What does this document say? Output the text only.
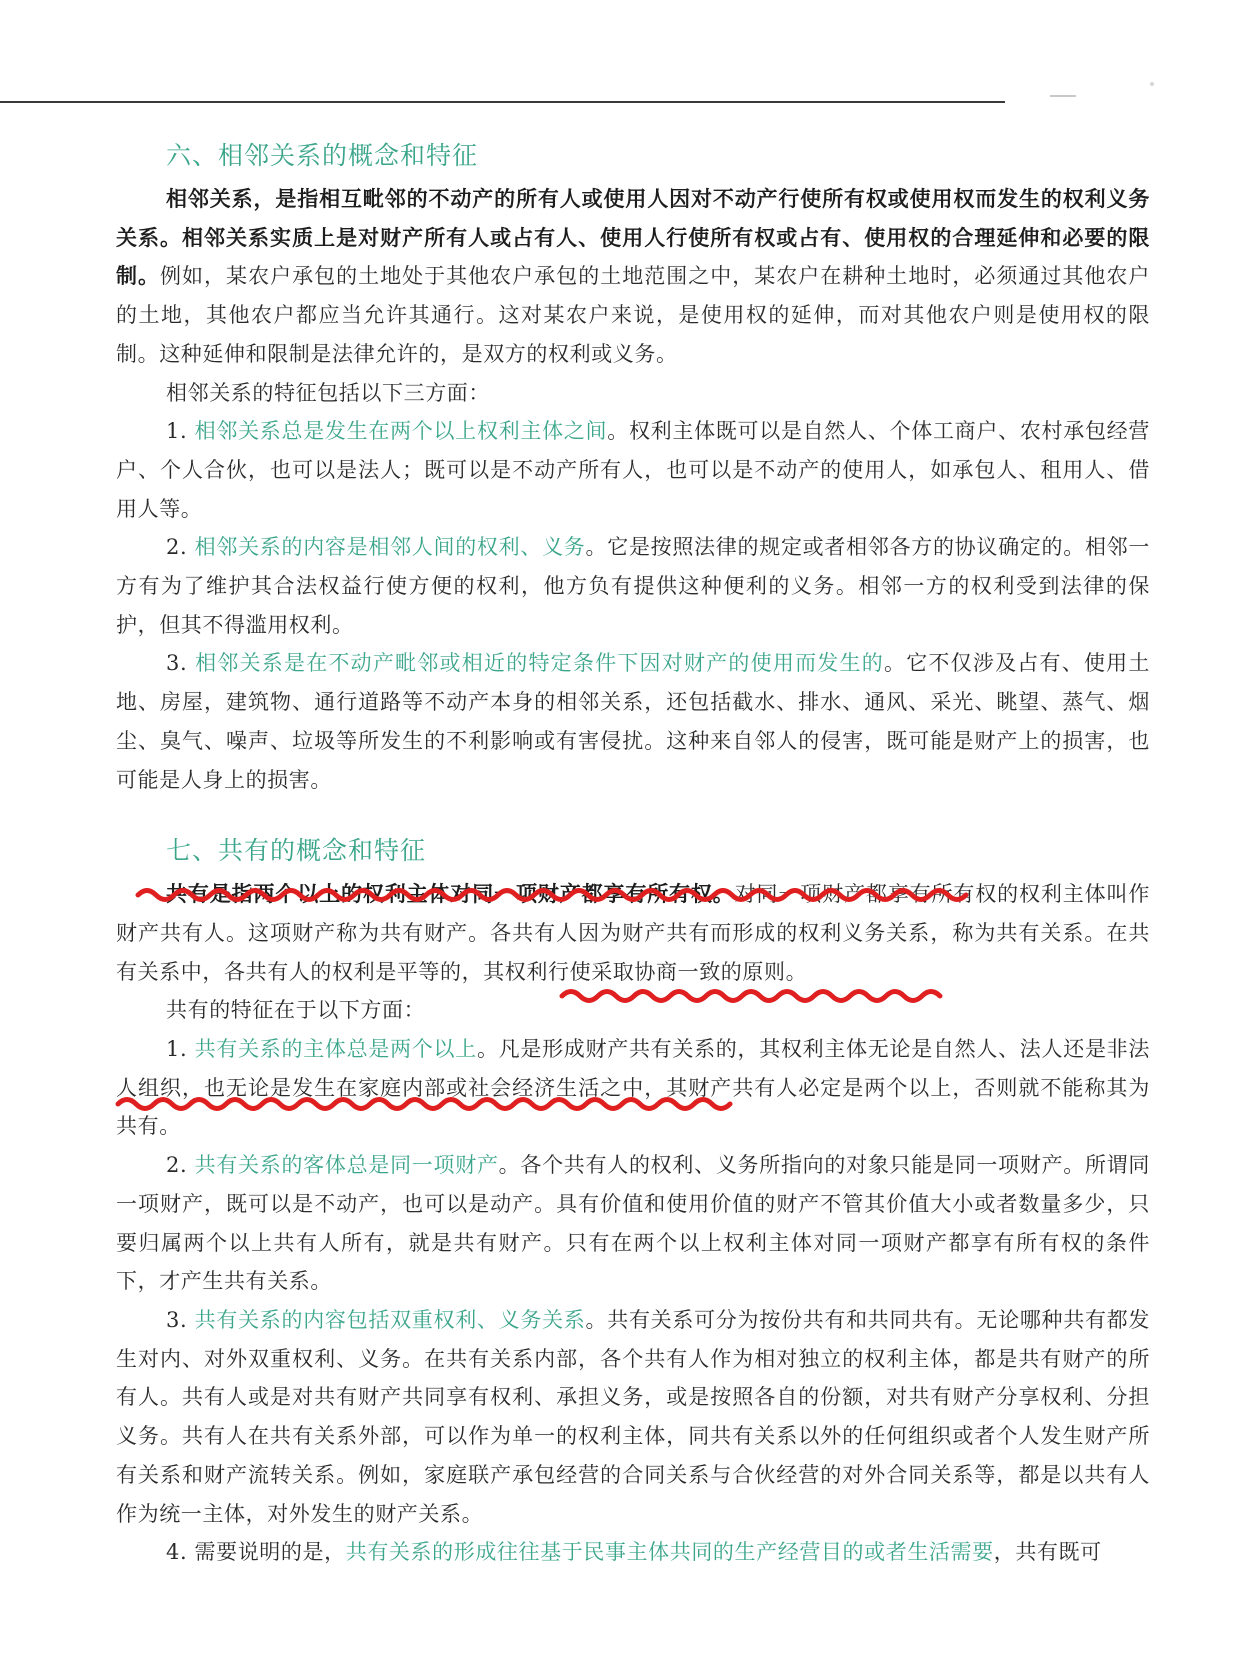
六、相邻关系的概念和特征

相邻关系，是指相互毗邻的不动产的所有人或使用人因对不动产行使所有权或使用权而发生的权利义务关系。相邻关系实质上是对财产所有人或占有人、使用人行使所有权或占有、使用权的合理延伸和必要的限制。例如，某农户承包的土地处于其他农户承包的土地范围之中，某农户在耕种土地时，必须通过其他农户的土地，其他农户都应当允许其通行。这对某农户来说，是使用权的延伸，而对其他农户则是使用权的限制。这种延伸和限制是法律允许的，是双方的权利或义务。

相邻关系的特征包括以下三方面：

1. 相邻关系总是发生在两个以上权利主体之间。权利主体既可以是自然人、个体工商户、农村承包经营户、个人合伙，也可以是法人；既可以是不动产所有人，也可以是不动产的使用人，如承包人、租用人、借用人等。

2. 相邻关系的内容是相邻人间的权利、义务。它是按照法律的规定或者相邻各方的协议确定的。相邻一方有为了维护其合法权益行使方便的权利，他方负有提供这种便利的义务。相邻一方的权利受到法律的保护，但其不得滥用权利。

3. 相邻关系是在不动产毗邻或相近的特定条件下因对财产的使用而发生的。它不仅涉及占有、使用土地、房屋，建筑物、通行道路等不动产本身的相邻关系，还包括截水、排水、通风、采光、眺望、蒸气、烟尘、臭气、噪声、垃圾等所发生的不利影响或有害侵扰。这种来自邻人的侵害，既可能是财产上的损害，也可能是人身上的损害。

七、共有的概念和特征

共有是指两个以上的权利主体对同一项财产都享有所有权。对同一项财产都享有所有权的权利主体叫作财产共有人。这项财产称为共有财产。各共有人因为财产共有而形成的权利义务关系，称为共有关系。在共有关系中，各共有人的权利是平等的，其权利行使采取协商一致的原则。

共有的特征在于以下方面：

1. 共有关系的主体总是两个以上。凡是形成财产共有关系的，其权利主体无论是自然人、法人还是非法人组织，也无论是发生在家庭内部或社会经济生活之中，其财产共有人必定是两个以上，否则就不能称其为共有。

2. 共有关系的客体总是同一项财产。各个共有人的权利、义务所指向的对象只能是同一项财产。所谓同一项财产，既可以是不动产，也可以是动产。具有价值和使用价值的财产不管其价值大小或者数量多少，只要归属两个以上共有人所有，就是共有财产。只有在两个以上权利主体对同一项财产都享有所有权的条件下，才产生共有关系。

3. 共有关系的内容包括双重权利、义务关系。共有关系可分为按份共有和共同共有。无论哪种共有都发生对内、对外双重权利、义务。在共有关系内部，各个共有人作为相对独立的权利主体，都是共有财产的所有人。共有人或是对共有财产共同享有权利、承担义务，或是按照各自的份额，对共有财产分享权利、分担义务。共有人在共有关系外部，可以作为单一的权利主体，同共有关系以外的任何组织或者个人发生财产所有关系和财产流转关系。例如，家庭联产承包经营的合同关系与合伙经营的对外合同关系等，都是以共有人作为统一主体，对外发生的财产关系。

4. 需要说明的是，共有关系的形成往往基于民事主体共同的生产经营目的或者生活需要，共有既可
